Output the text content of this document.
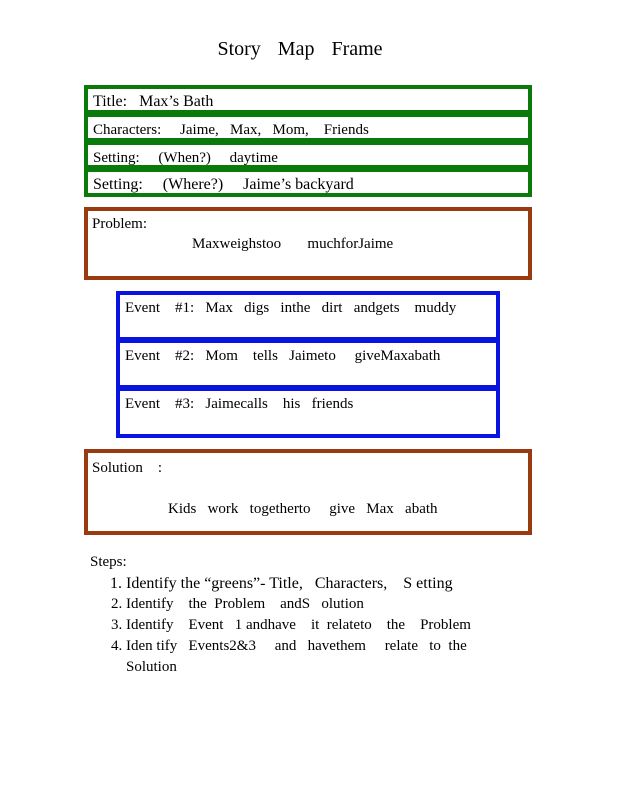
Story Map Frame
Title:   Max’s Bath
Characters:     Jaime,   Max,   Mom,    Friends
Setting:     (When?)     daytime
Setting:     (Where?)     Jaime’s backyard
Problem:
Maxweighstoo       muchforJaime
Event    #1:   Max   digs   inthe   dirt   andgets    muddy
Event    #2:   Mom    tells   Jaimeto     giveMaxabath
Event    #3:   Jaimecalls    his   friends
Solution    :
Kids   work   togetherto     give   Max   abath
Steps:
1. Identify the “greens”- Title,   Characters,    S etting
2. Identify    the  Problem    andS   olution
3. Identify    Event   1 andhave    it  relateto    the    Problem
4. Iden tify   Events2&3     and   havethem     relate   to  the
Solution
